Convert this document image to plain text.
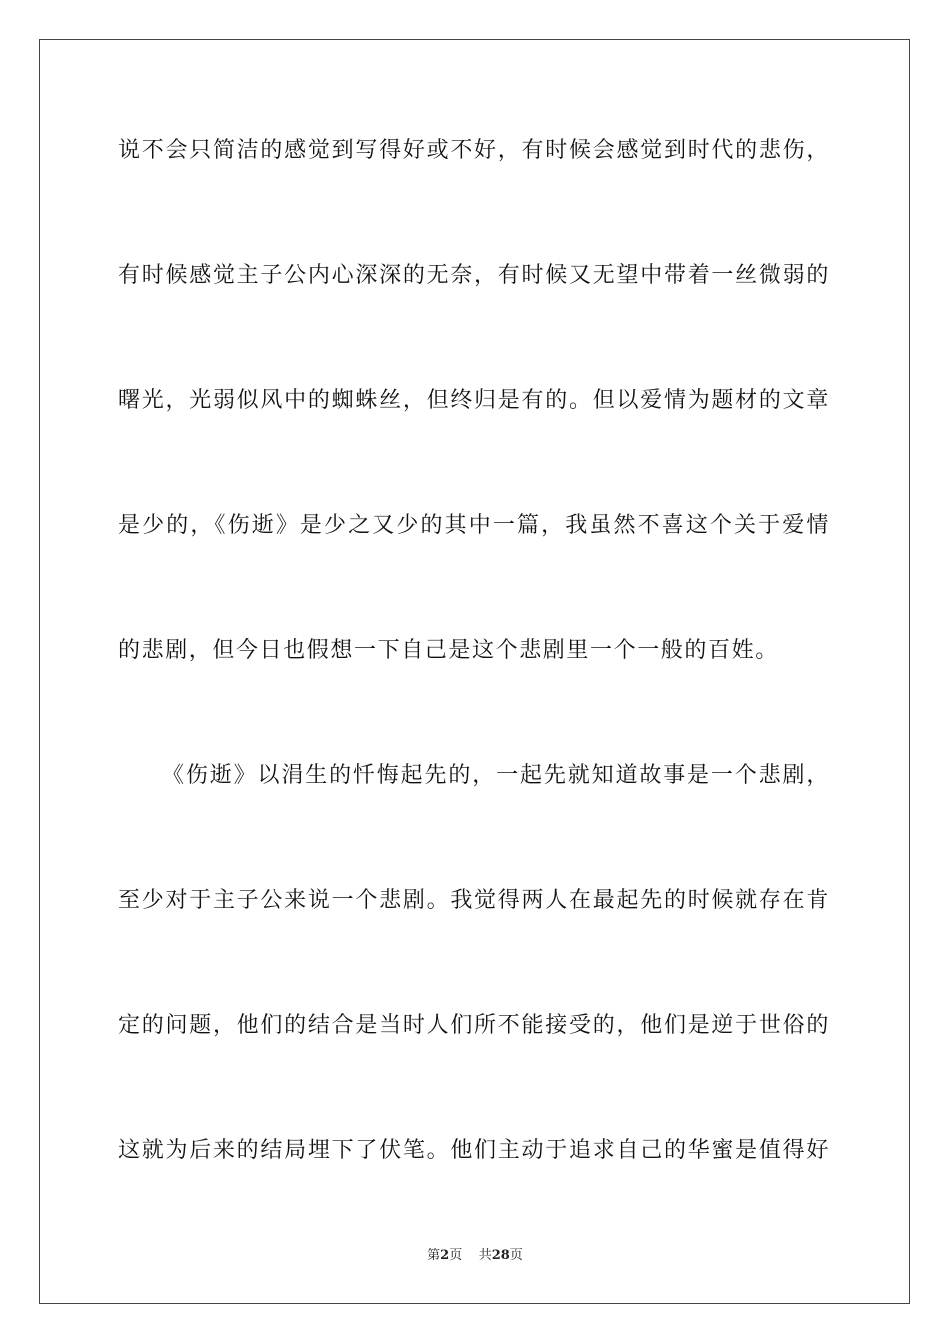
说不会只简洁的感觉到写得好或不好，有时候会感觉到时代的悲伤，
有时候感觉主子公内心深深的无奈，有时候又无望中带着一丝微弱的
曙光，光弱似风中的蜘蛛丝，但终归是有的。但以爱情为题材的文章
是少的，《伤逝》是少之又少的其中一篇，我虽然不喜这个关于爱情
的悲剧，但今日也假想一下自己是这个悲剧里一个一般的百姓。
《伤逝》以涓生的忏悔起先的，一起先就知道故事是一个悲剧，
至少对于主子公来说一个悲剧。我觉得两人在最起先的时候就存在肯
定的问题，他们的结合是当时人们所不能接受的，他们是逆于世俗的
这就为后来的结局埋下了伏笔。他们主动于追求自己的华蜜是值得好
第2页 共28页
